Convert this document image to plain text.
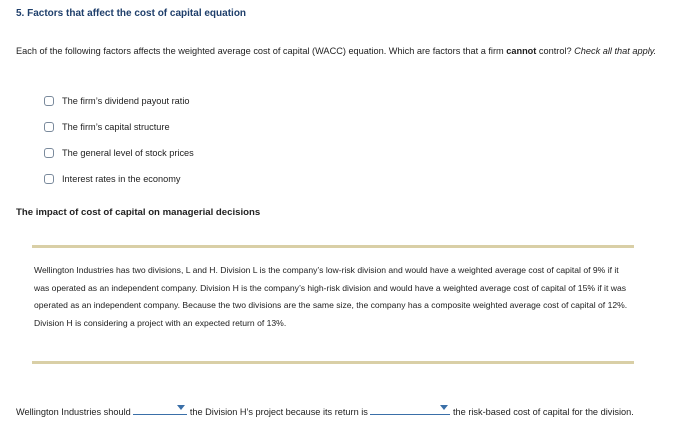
5. Factors that affect the cost of capital equation
Each of the following factors affects the weighted average cost of capital (WACC) equation. Which are factors that a firm cannot control? Check all that apply.
The firm’s dividend payout ratio
The firm’s capital structure
The general level of stock prices
Interest rates in the economy
The impact of cost of capital on managerial decisions
Wellington Industries has two divisions, L and H. Division L is the company’s low-risk division and would have a weighted average cost of capital of 9% if it was operated as an independent company. Division H is the company’s high-risk division and would have a weighted average cost of capital of 15% if it was operated as an independent company. Because the two divisions are the same size, the company has a composite weighted average cost of capital of 12%. Division H is considering a project with an expected return of 13%.
Wellington Industries should	the Division H’s project because its return is	the risk-based cost of capital for the division.
